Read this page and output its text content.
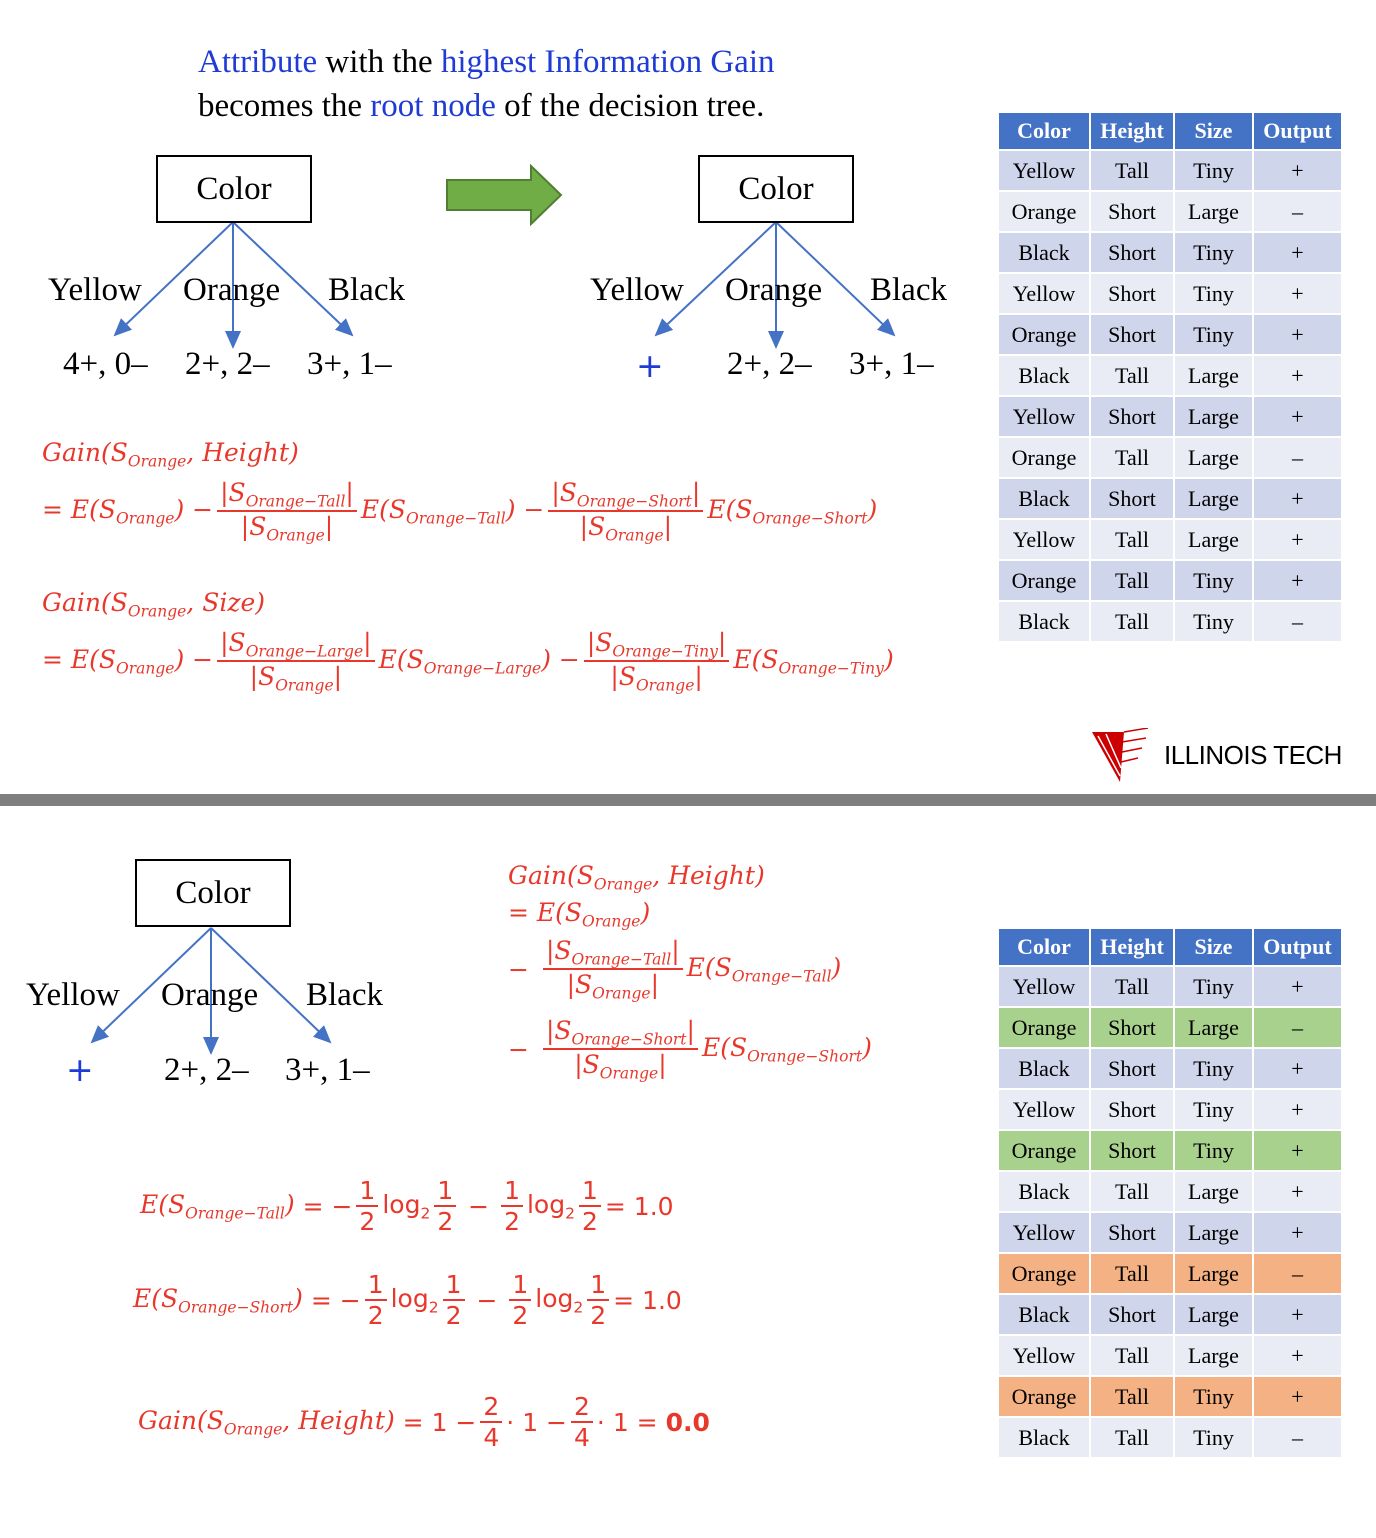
Attribute with the highest Information Gain
becomes the root node of the decision tree.
Color
Yellow Orange Black
4+, 0– 2+, 2– 3+, 1–
Color
Yellow Orange Black
+ 2+, 2– 3+, 1–
$Gain(S_{Orange}$, Height)
= $E(S_{Orange}) - \frac{|S_{Orange-Tall}|}{|S_{Orange}|} E(S_{Orange-Tall}) - \frac{|S_{Orange-Short}|}{|S_{Orange}|} E(S_{Orange-Short})$
$Gain(S_{Orange}$, Size)
= $E(S_{Orange}) - \frac{|S_{Orange-Large}|}{|S_{Orange}|} E(S_{Orange-Large}) - \frac{|S_{Orange-Tiny}|}{|S_{Orange}|} E(S_{Orange-Tiny})$
Color	Height	Size	Output
Yellow	Tall	Tiny	+
Orange	Short	Large	–
Black	Short	Tiny	+
Yellow	Short	Tiny	+
Orange	Short	Tiny	+
Black	Tall	Large	+
Yellow	Short	Large	+
Orange	Tall	Large	–
Black	Short	Large	+
Yellow	Tall	Large	+
Orange	Tall	Tiny	+
Black	Tall	Tiny	–
ILLINOIS TECH
Color
Yellow Orange Black
+ 2+, 2– 3+, 1–
$Gain(S_{Orange}$, Height)
= $E(S_{Orange})$
− $\frac{|S_{Orange-Tall}|}{|S_{Orange}|} E(S_{Orange-Tall})$
− $\frac{|S_{Orange-Short}|}{|S_{Orange}|} E(S_{Orange-Short})$
$E(S_{Orange-Tall})$ = − $\frac{1}{2} \log_2 \frac{1}{2} - \frac{1}{2} \log_2 \frac{1}{2} = 1.0$
$E(S_{Orange-Short})$ = − $\frac{1}{2} \log_2 \frac{1}{2} - \frac{1}{2} \log_2 \frac{1}{2} = 1.0$
$Gain(S_{Orange}$, Height) = $1 - \frac{2}{4} \cdot 1 - \frac{2}{4} \cdot 1 = 0.0$
Color	Height	Size	Output
Yellow	Tall	Tiny	+
Orange	Short	Large	–
Black	Short	Tiny	+
Yellow	Short	Tiny	+
Orange	Short	Tiny	+
Black	Tall	Large	+
Yellow	Short	Large	+
Orange	Tall	Large	–
Black	Short	Large	+
Yellow	Tall	Large	+
Orange	Tall	Tiny	+
Black	Tall	Tiny	–
